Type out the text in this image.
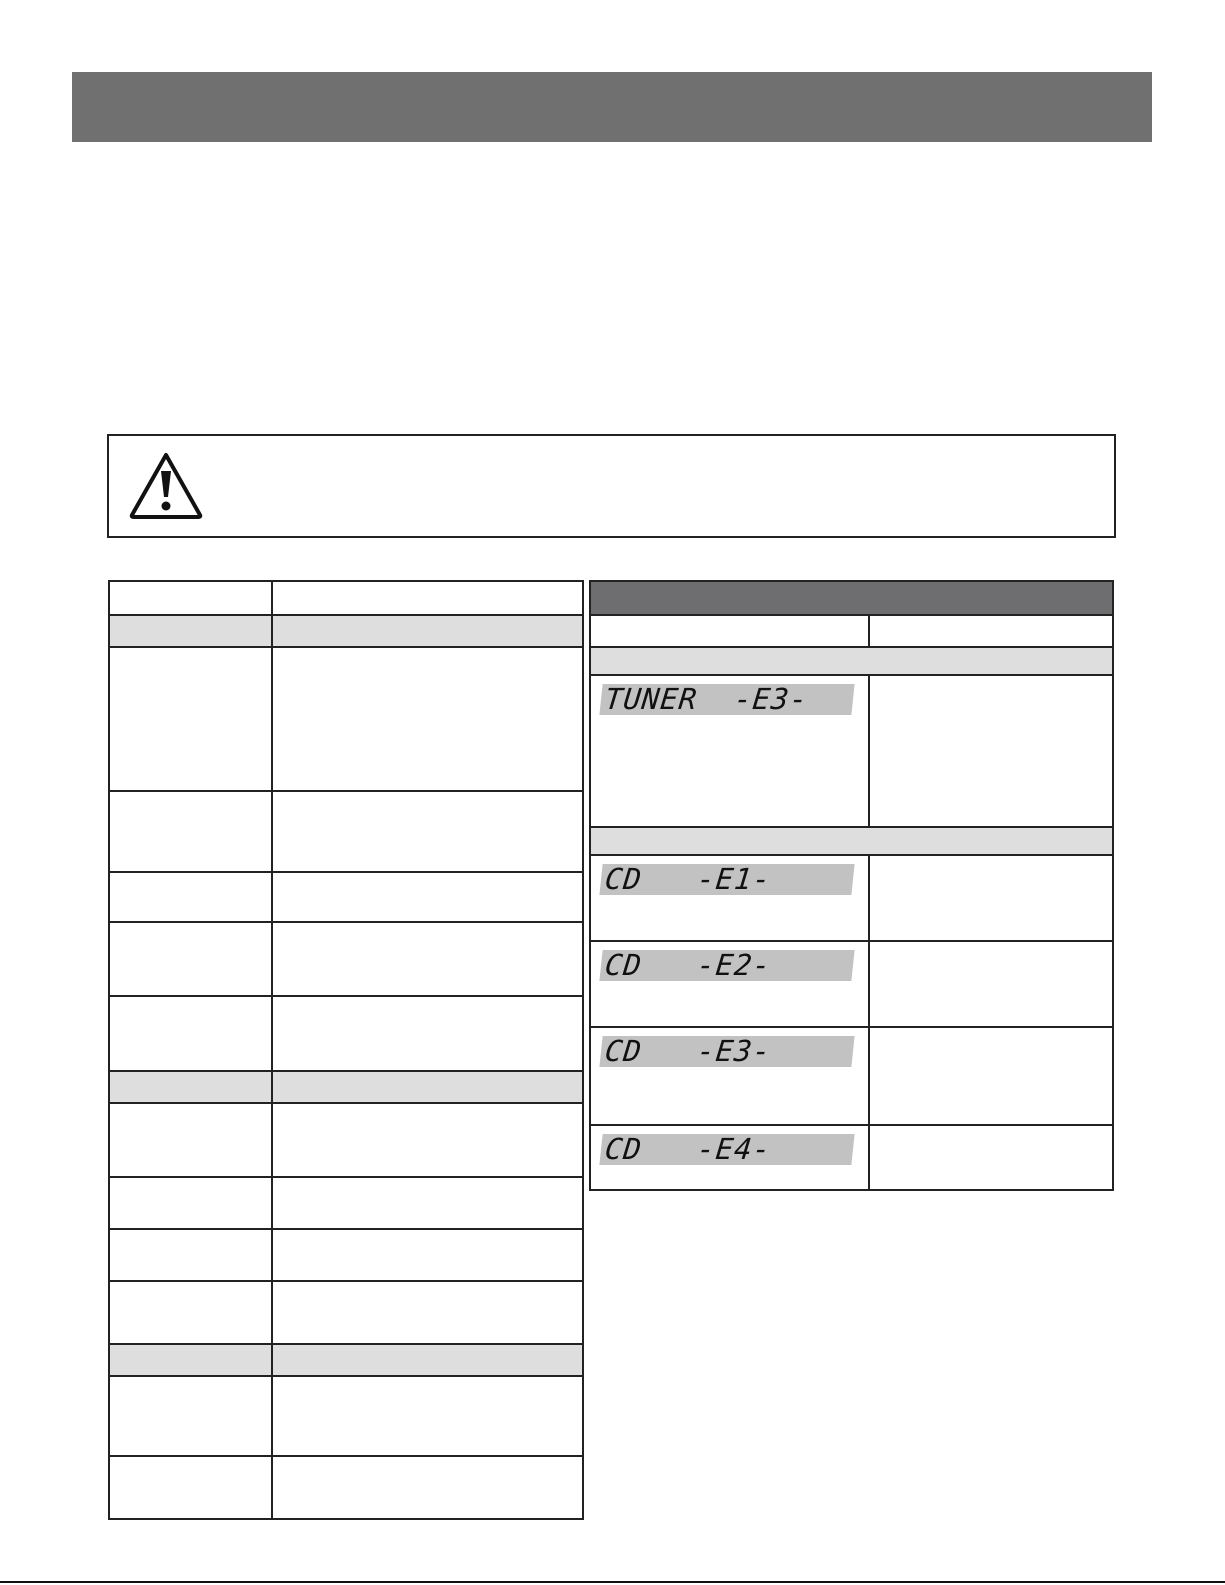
TUNER  -E3-
CD   -E1-
CD   -E2-
CD   -E3-
CD   -E4-
